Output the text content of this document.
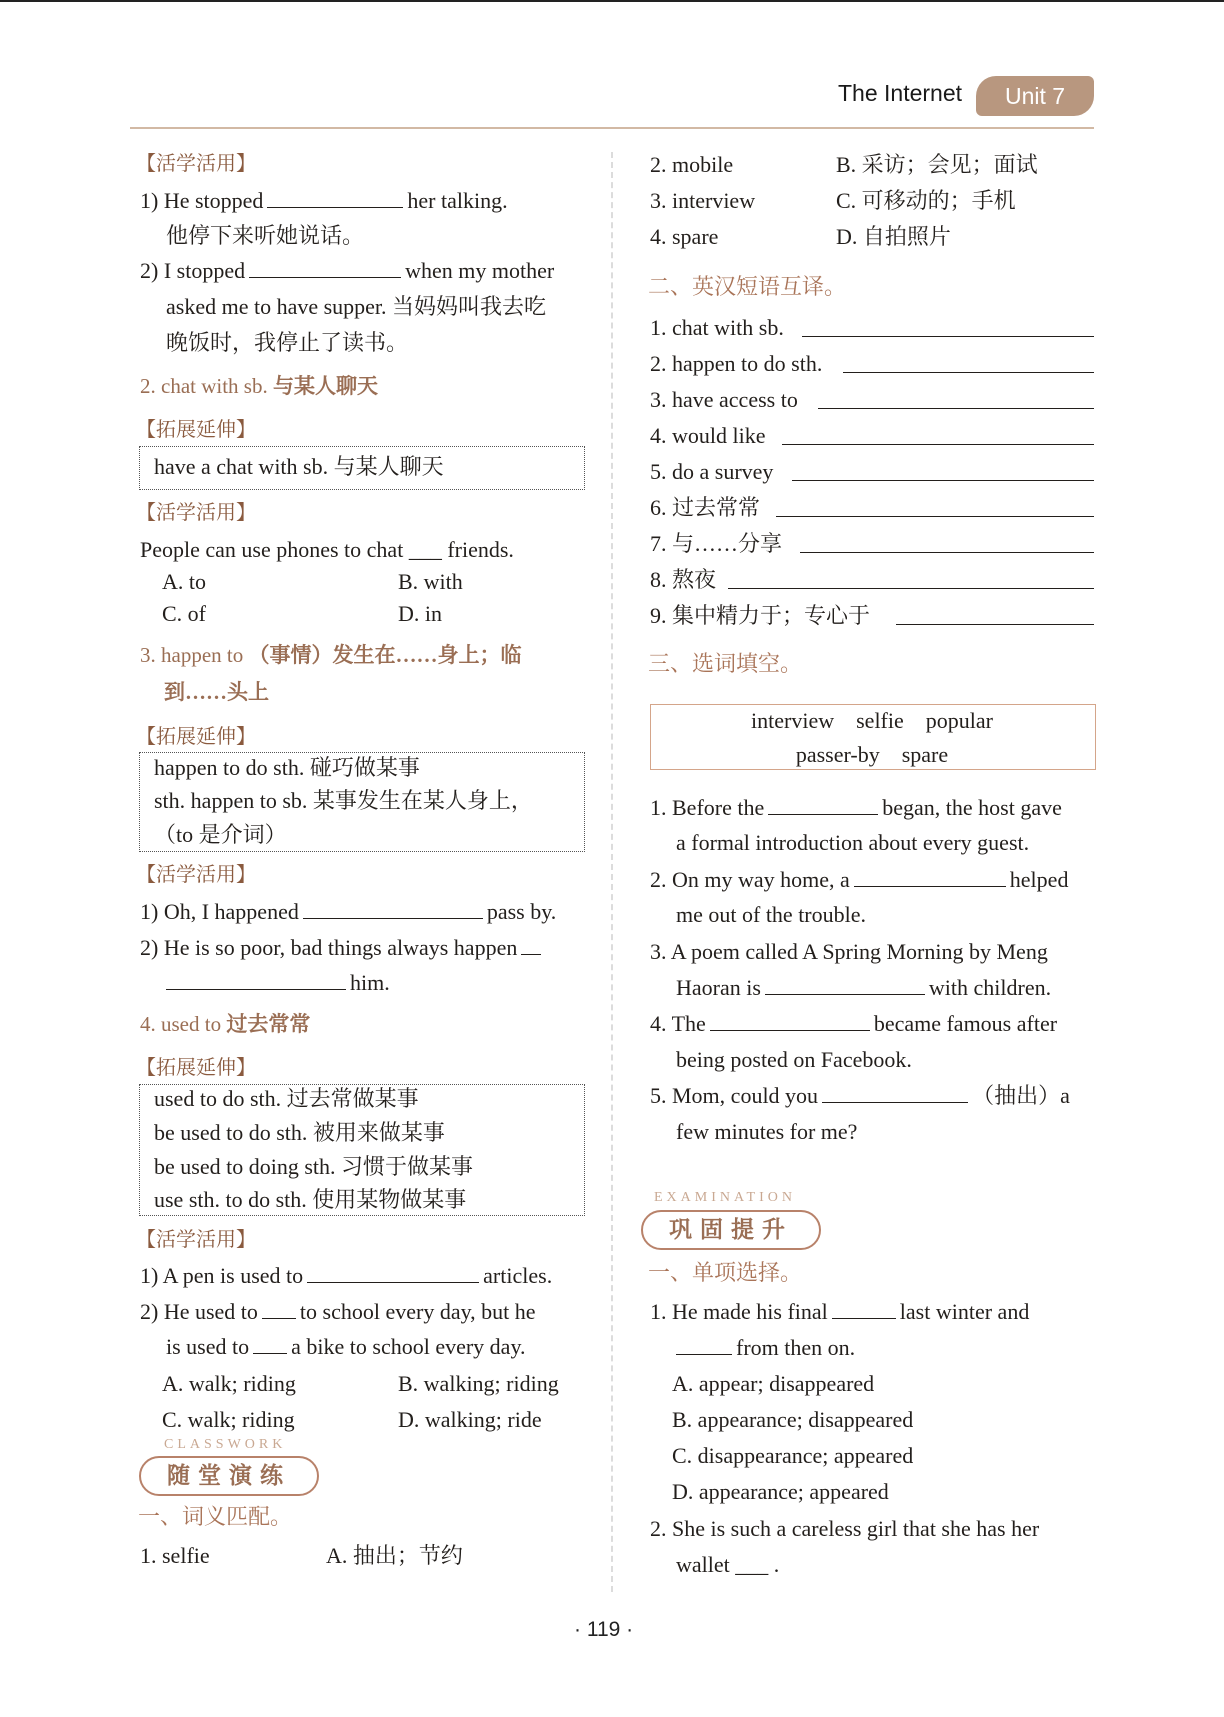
The Internet	Unit 7
【活学活用】
1) He stopped	her talking.
他停下来听她说话。
2) I stopped	when my mother
asked me to have supper. 当妈妈叫我去吃
晚饭时，我停止了读书。
2. chat with sb. 与某人聊天
【拓展延伸】
have a chat with sb. 与某人聊天
【活学活用】
People can use phones to chat ___ friends.
A. to	B. with
C. of	D. in
3. happen to （事情）发生在……身上；临
到……头上
【拓展延伸】
happen to do sth. 碰巧做某事
sth. happen to sb. 某事发生在某人身上，
（to 是介词）
【活学活用】
1) Oh, I happened	pass by.
2) He is so poor, bad things always happen
him.
4. used to 过去常常
【拓展延伸】
used to do sth. 过去常做某事
be used to do sth. 被用来做某事
be used to doing sth. 习惯于做某事
use sth. to do sth. 使用某物做某事
【活学活用】
1) A pen is used to	articles.
2) He used to to school every day, but he
is used to a bike to school every day.
A. walk; riding	B. walking; riding
C. walk; riding	D. walking; ride
CLASSWORK
随堂演练
一、词义匹配。
1. selfie	A. 抽出；节约
2. mobile	B. 采访；会见；面试
3. interview	C. 可移动的；手机
4. spare	D. 自拍照片
二、英汉短语互译。
1. chat with sb.
2. happen to do sth.
3. have access to
4. would like
5. do a survey
6. 过去常常
7. 与……分享
8. 熬夜
9. 集中精力于；专心于
三、选词填空。
interview    selfie    popular
passer-by    spare
1. Before the	began, the host gave
a formal introduction about every guest.
2. On my way home, a	helped
me out of the trouble.
3. A poem called A Spring Morning by Meng
Haoran is	with children.
4. The	became famous after
being posted on Facebook.
5. Mom, could you	（抽出）a
few minutes for me?
EXAMINATION
巩固提升
一、单项选择。
1. He made his final	last winter and
from then on.
A. appear; disappeared
B. appearance; disappeared
C. disappearance; appeared
D. appearance; appeared
2. She is such a careless girl that she has her
wallet ___ .
· 119 ·
